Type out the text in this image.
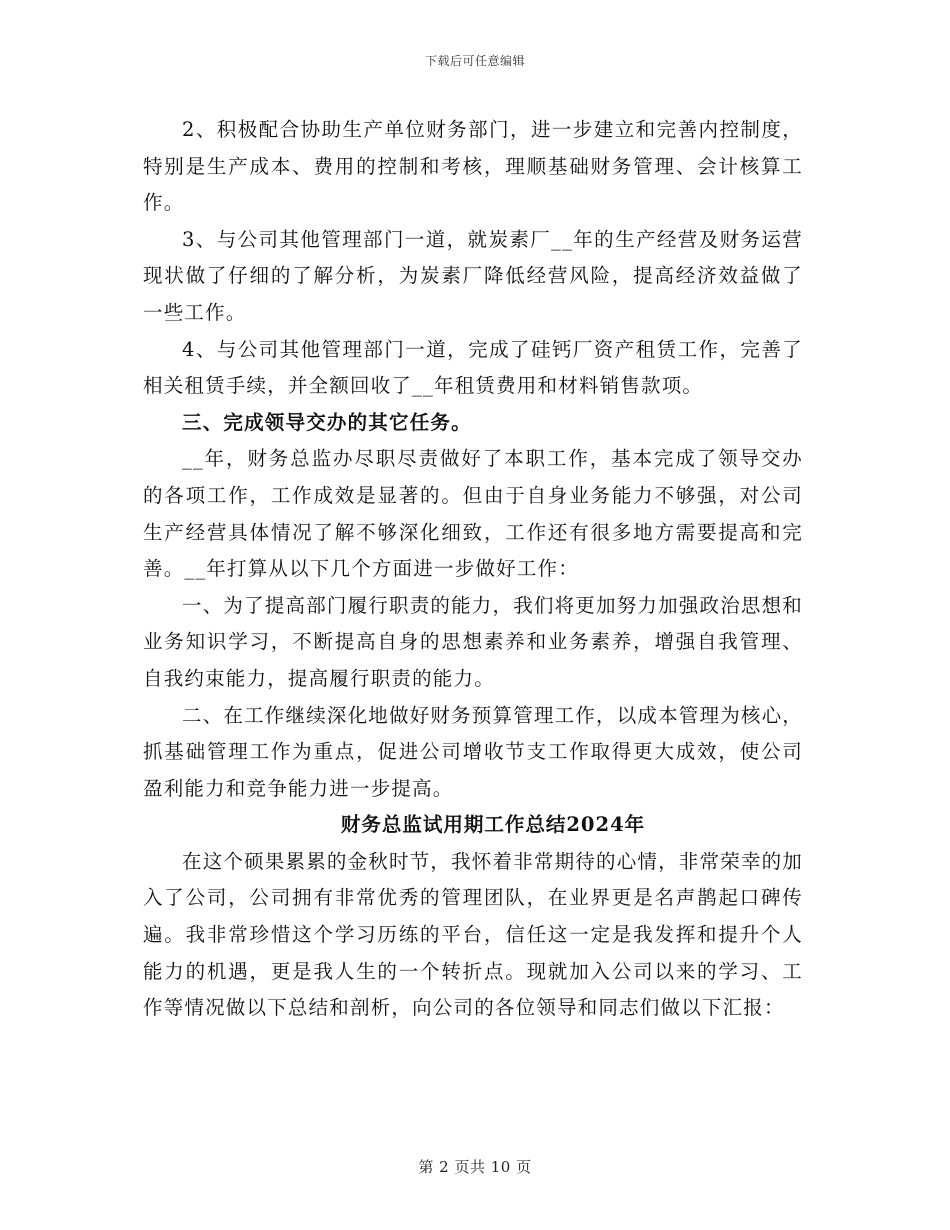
下载后可任意编辑

2、积极配合协助生产单位财务部门，进一步建立和完善内控制度，特别是生产成本、费用的控制和考核，理顺基础财务管理、会计核算工作。

3、与公司其他管理部门一道，就炭素厂__年的生产经营及财务运营现状做了仔细的了解分析，为炭素厂降低经营风险，提高经济效益做了一些工作。

4、与公司其他管理部门一道，完成了硅钙厂资产租赁工作，完善了相关租赁手续，并全额回收了__年租赁费用和材料销售款项。

三、完成领导交办的其它任务。

__年，财务总监办尽职尽责做好了本职工作，基本完成了领导交办的各项工作，工作成效是显著的。但由于自身业务能力不够强，对公司生产经营具体情况了解不够深化细致，工作还有很多地方需要提高和完善。__年打算从以下几个方面进一步做好工作：

一、为了提高部门履行职责的能力，我们将更加努力加强政治思想和业务知识学习，不断提高自身的思想素养和业务素养，增强自我管理、自我约束能力，提高履行职责的能力。

二、在工作继续深化地做好财务预算管理工作，以成本管理为核心，抓基础管理工作为重点，促进公司增收节支工作取得更大成效，使公司盈利能力和竞争能力进一步提高。

财务总监试用期工作总结2024年

在这个硕果累累的金秋时节，我怀着非常期待的心情，非常荣幸的加入了公司，公司拥有非常优秀的管理团队，在业界更是名声鹊起口碑传遍。我非常珍惜这个学习历练的平台，信任这一定是我发挥和提升个人能力的机遇，更是我人生的一个转折点。现就加入公司以来的学习、工作等情况做以下总结和剖析，向公司的各位领导和同志们做以下汇报：

第 2 页共 10 页
